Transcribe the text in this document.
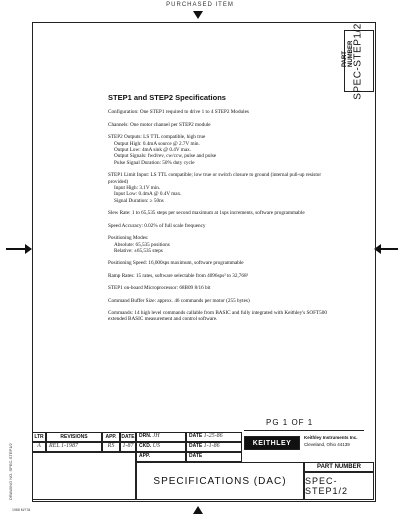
PURCHASED ITEM
PART NUMBER
SPEC-STEP1/2
STEP1 and STEP2 Specifications

Configuration: One STEP1 required to drive 1 to 4 STEP2 Modules

Channels: One motor channel per STEP2 module

STEP2 Outputs: LS TTL compatible, high true
Output High: 0.4mA source @ 2.7V min.
Output Low: 4mA sink @ 0.4V max.
Output Signals: fwd/rev, cw/ccw, pulse and pulse
Pulse Signal Duration: 50% duty cycle

STEP1 Limit Input: LS TTL compatible; low true or switch closure to ground (internal pull-up resistor provided)
Input High: 3.1V min.
Input Low: 0.4mA @ 0.4V max.
Signal Duration: ≥ 50ns

Slew Rate: 1 to 65,535 steps per second maximum at 1sps increments, software programmable

Speed Accuracy: 0.02% of full scale frequency

Positioning Modes:
Absolute: 65,535 positions
Relative: ±65,535 steps

Positioning Speed: 16,000sps maximum, software programmable

Ramp Rates: 15 rates, software selectable from 4096sps² to 32,768²

STEP1 on-board Microprocessor: 68B09 8/16 bit

Command Buffer Size: approx. 46 commands per motor (255 bytes)

Commands: 14 high level commands callable from BASIC and fully integrated with Keithley's SOFT500 extended BASIC measurement and control software.

PG 1 OF 1
LTR	REVISIONS	APP. DATE
A	REL 1-1987	RS	1-87
DRN. JH	DATE 1-25-86
CKD. US	DATE 1-1-86
APP.	DATE
KEITHLEY
Keithley Instruments Inc.
Cleveland, Ohio 44139
PART NUMBER
SPECIFICATIONS (DAC)	SPEC-STEP1/2
DRAWING NO. SPEC-STEP1/2
1988 M/734
